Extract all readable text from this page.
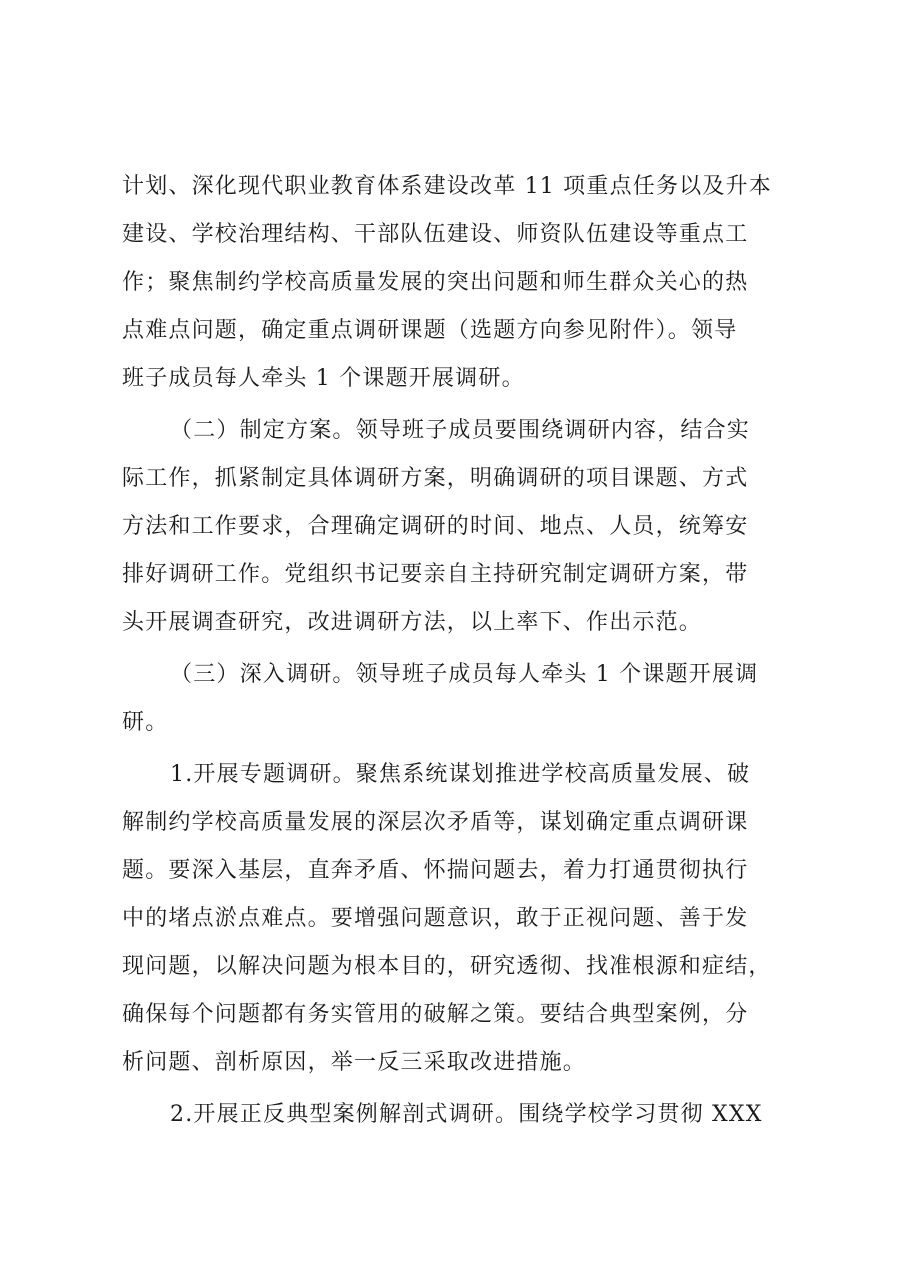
计划、深化现代职业教育体系建设改革 11 项重点任务以及升本
建设、学校治理结构、干部队伍建设、师资队伍建设等重点工
作；聚焦制约学校高质量发展的突出问题和师生群众关心的热
点难点问题，确定重点调研课题（选题方向参见附件）。领导
班子成员每人牵头 1 个课题开展调研。
（二）制定方案。领导班子成员要围绕调研内容，结合实
际工作，抓紧制定具体调研方案，明确调研的项目课题、方式
方法和工作要求，合理确定调研的时间、地点、人员，统筹安
排好调研工作。党组织书记要亲自主持研究制定调研方案，带
头开展调查研究，改进调研方法，以上率下、作出示范。
（三）深入调研。领导班子成员每人牵头 1 个课题开展调
研。
1.开展专题调研。聚焦系统谋划推进学校高质量发展、破
解制约学校高质量发展的深层次矛盾等，谋划确定重点调研课
题。要深入基层，直奔矛盾、怀揣问题去，着力打通贯彻执行
中的堵点淤点难点。要增强问题意识，敢于正视问题、善于发
现问题，以解决问题为根本目的，研究透彻、找准根源和症结，
确保每个问题都有务实管用的破解之策。要结合典型案例，分
析问题、剖析原因，举一反三采取改进措施。
2.开展正反典型案例解剖式调研。围绕学校学习贯彻 XXX
